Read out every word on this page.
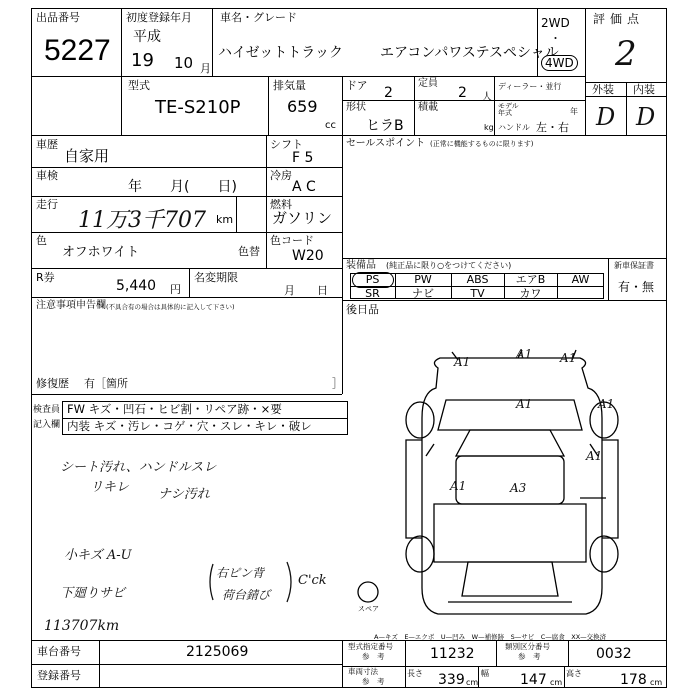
出品番号
5227
初度登録年月
平成
19 10 月
車名・グレード
ハイゼットトラック	エアコンパワステスペシャル
2WD
・
4WD
評価点
2
外装 内装
D D
型式
TE-S210P
排気量
659
cc
ドア 2
定員
2 人
ディーラー・並行
形状
ヒラB
積載
kg
モデル年式	年
ハンドル 左・右
車歴
自家用
シフト
F 5
車検
年　　月(　　日)
冷房
A C
走行
11万3千707 km
燃料
ガソリン
色
オフホワイト	色替
色コード
W20
R券
5,440 円
名変期限
月　　日
注意事項申告欄 (不具合有の場合は具体的に記入して下さい)
修復歴 有［箇所	］
セールスポイント (正常に機能するものに限ります)
装備品 (純正品に限り○をつけてください)	新車保証書
有・無
PS	PW	ABS	エアB	AW
SR	ナビ	TV	カワ
後日品
検査員
記入欄
FW キズ・凹石・ヒビ割・リペア跡・×要
内装 キズ・汚レ・コゲ・穴・スレ・キレ・破レ
シート汚れ、ハンドルスレ
リキレ ナシ汚れ
小キズ A-U
下廻りサビ
113707km
右ピン背
荷台錆び
C'ck
A1
A1 A1
A1
A1	A3
A1
A1
スペア
A—キズ　E—エクボ　U—凹み　W—補修跡　S—サビ　C—腐食　XX—交換済
車台番号	2125069
登録番号
型式指定番号
参　考	11232	類別区分番号
参　考	0032
車両寸法
参　考
長さ 339 cm
幅 147 cm
高さ	178 cm
